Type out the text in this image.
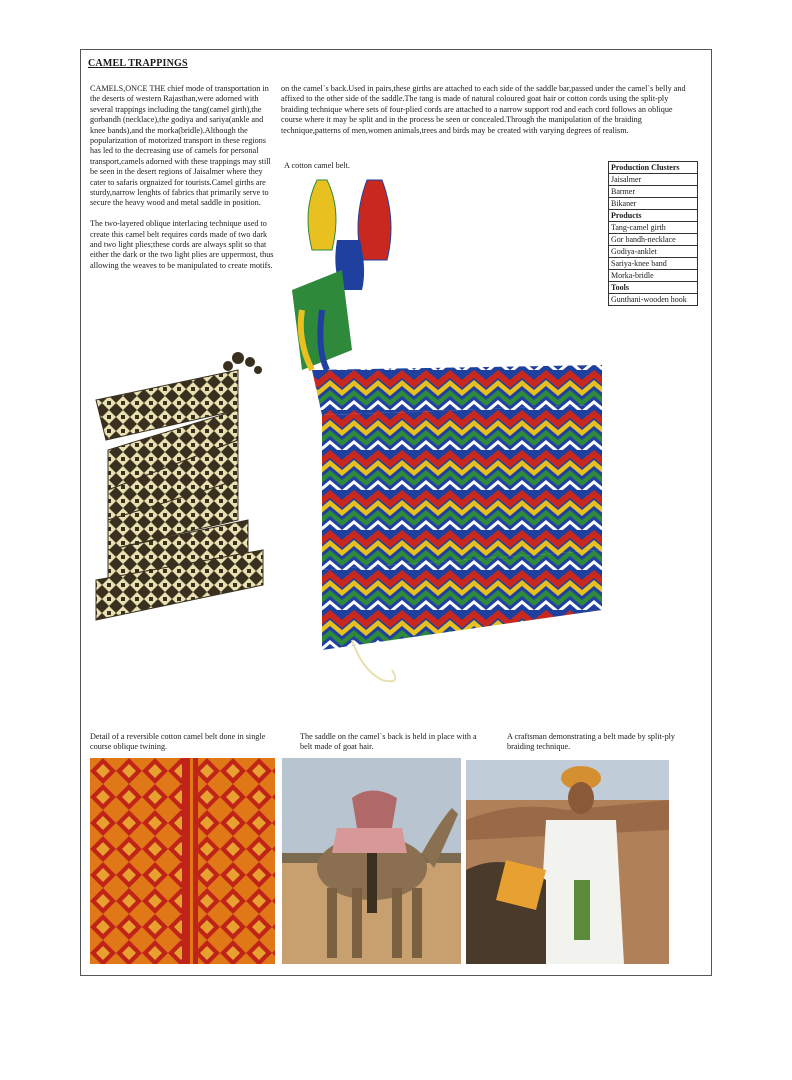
CAMEL TRAPPINGS

CAMELS,ONCE THE chief mode of transportation in the deserts of western Rajasthan,were adorned with several trappings including the tang(camel girth),the gorbandh (necklace),the godiya and sariya(ankle and knee bands),and the morka(bridle).Although the popularization of motorized transport in these regions has led to the decreasing use of camels for personal transport,camels adorned with these trappings may still be seen in the desert regions of Jaisalmer where they cater to safaris orgnaized for tourists.Camel girths are sturdy,narrow lenghts of fabrics that primarily serve to secure the heavy wood and metal saddle in position.

The two-layered oblique interlacing technique used to create this camel belt requires cords made of two dark and two light plies;these cords are always split so that either the dark or the two light plies are uppermost, thus allowing the weaves to be manipulated to create motifs.

on the camel`s back.Used in pairs,these girths are attached to each side of the saddle bar,passed under the camel`s belly and affixed to the other side of the saddle.The tang is made of natural coloured goat hair or cotton cords using the split-ply braiding technique where sets of four-plied cords are attached to a narrow support rod and each cord follows an oblique course where it may be split and in the process be seen or concealed.Through the manipulation of the braiding technique,patterns of men,women animals,trees and birds may be created with varying degrees of realism.
A cotton camel belt.	Production Clusters
Jaisalmer
Barmer
Bikaner
Products
Tang-camel girth
Gor bandh-necklace
Godiya-anklet
Sariya-knee band
Morka-bridle
Tools
Gunthani-wooden hook
Detail of a reversible cotton camel belt done in single course oblique twining.
The saddle on the camel`s back is held in place with a belt made of goat hair.
A craftsman demonstrating a belt made by split-ply braiding technique.
